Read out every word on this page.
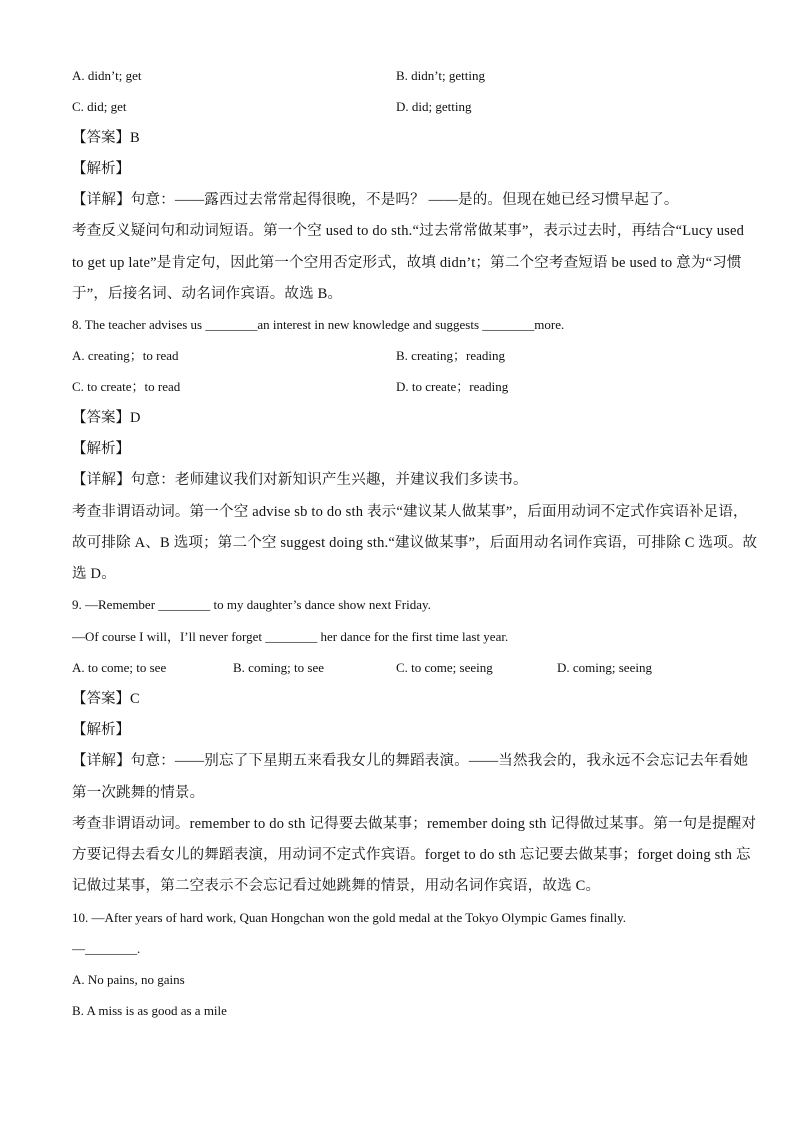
A. didn’t; get	B. didn’t; getting
C. did; get	D. did; getting
【答案】B
【解析】
【详解】句意：——露西过去常常起得很晚，不是吗？ ——是的。但现在她已经习惯早起了。
考查反义疑问句和动词短语。第一个空 used to do sth.“过去常常做某事”，表示过去时，再结合“Lucy used
to get up late”是肯定句，因此第一个空用否定形式，故填 didn’t；第二个空考查短语 be used to 意为“习惯
于”，后接名词、动名词作宾语。故选 B。
8. The teacher advises us ________an interest in new knowledge and suggests ________more.
A. creating；to read	B. creating；reading
C. to create；to read	D. to create；reading
【答案】D
【解析】
【详解】句意：老师建议我们对新知识产生兴趣，并建议我们多读书。
考查非谓语动词。第一个空 advise sb to do sth 表示“建议某人做某事”，后面用动词不定式作宾语补足语，
故可排除 A、B 选项；第二个空 suggest doing sth.“建议做某事”，后面用动名词作宾语，可排除 C 选项。故
选 D。
9. —Remember ________ to my daughter’s dance show next Friday.
—Of course I will，I’ll never forget ________ her dance for the first time last year.
A. to come; to see	B. coming; to see	C. to come; seeing	D. coming; seeing
【答案】C
【解析】
【详解】句意：——别忘了下星期五来看我女儿的舞蹈表演。——当然我会的，我永远不会忘记去年看她
第一次跳舞的情景。
考查非谓语动词。remember to do sth 记得要去做某事；remember doing sth 记得做过某事。第一句是提醒对
方要记得去看女儿的舞蹈表演，用动词不定式作宾语。forget to do sth 忘记要去做某事；forget doing sth 忘
记做过某事，第二空表示不会忘记看过她跳舞的情景，用动名词作宾语，故选 C。
10. —After years of hard work, Quan Hongchan won the gold medal at the Tokyo Olympic Games finally.
—________.
A. No pains, no gains
B. A miss is as good as a mile
